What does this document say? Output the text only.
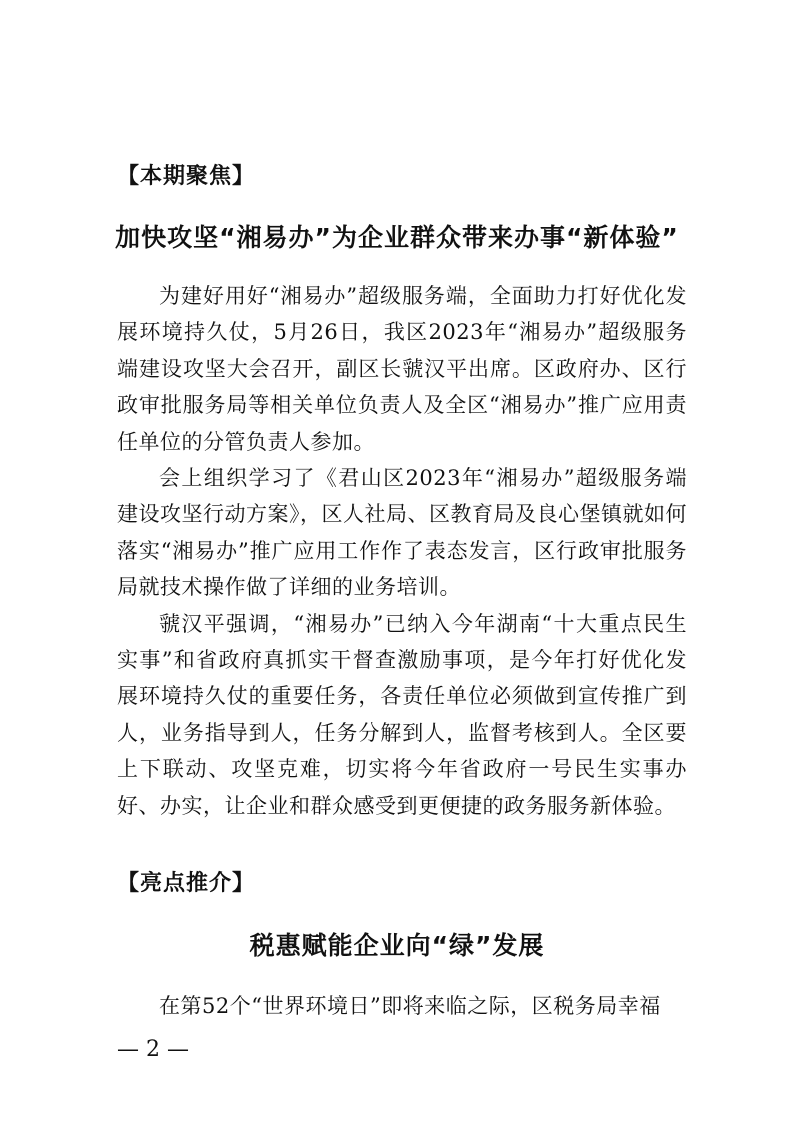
【本期聚焦】
加快攻坚“湘易办”为企业群众带来办事“新体验”

为建好用好“湘易办”超级服务端，全面助力打好优化发展环境持久仗，5月26日，我区2023年“湘易办”超级服务端建设攻坚大会召开，副区长虢汉平出席。区政府办、区行政审批服务局等相关单位负责人及全区“湘易办”推广应用责任单位的分管负责人参加。

会上组织学习了《君山区2023年“湘易办”超级服务端建设攻坚行动方案》，区人社局、区教育局及良心堡镇就如何落实“湘易办”推广应用工作作了表态发言，区行政审批服务局就技术操作做了详细的业务培训。

虢汉平强调，“湘易办”已纳入今年湖南“十大重点民生实事”和省政府真抓实干督查激励事项，是今年打好优化发展环境持久仗的重要任务，各责任单位必须做到宣传推广到人，业务指导到人，任务分解到人，监督考核到人。全区要上下联动、攻坚克难，切实将今年省政府一号民生实事办好、办实，让企业和群众感受到更便捷的政务服务新体验。

【亮点推介】
税惠赋能企业向“绿”发展

在第52个“世界环境日”即将来临之际，区税务局幸福

— 2 —
